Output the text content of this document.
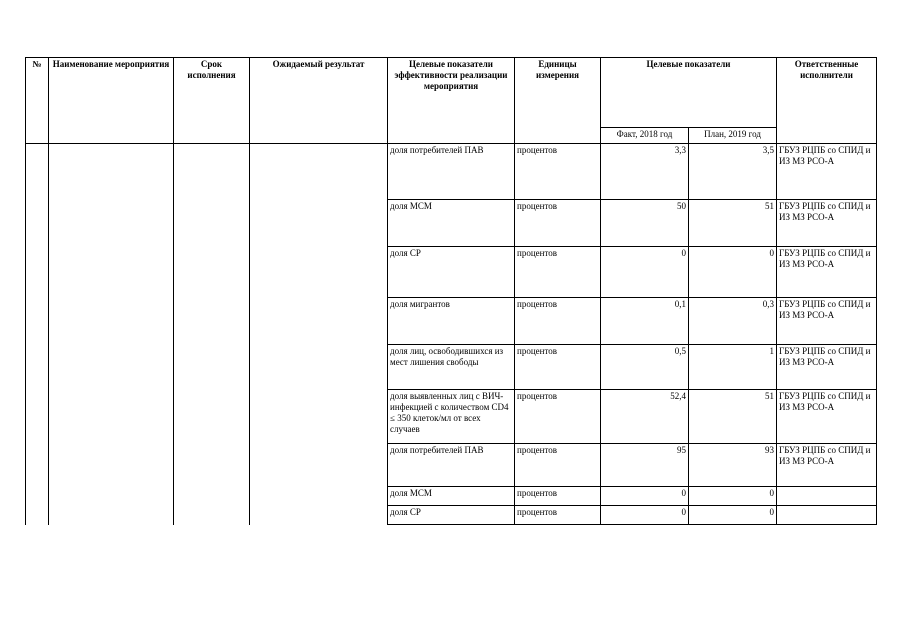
№	Наименование мероприятия	Срок исполнения	Ожидаемый результат	Целевые показатели эффективности реализации мероприятия	Единицы измерения	Целевые показатели		Ответственные исполнители
						Факт, 2018 год	План, 2019 год	
				доля потребителей ПАВ	процентов	3,3	3,5	ГБУЗ РЦПБ со СПИД и ИЗ МЗ РСО-А
				доля МСМ	процентов	50	51	ГБУЗ РЦПБ со СПИД и ИЗ МЗ РСО-А
				доля СР	процентов	0	0	ГБУЗ РЦПБ со СПИД и ИЗ МЗ РСО-А
				доля мигрантов	процентов	0,1	0,3	ГБУЗ РЦПБ со СПИД и ИЗ МЗ РСО-А
				доля лиц, освободившихся из мест лишения свободы	процентов	0,5	1	ГБУЗ РЦПБ со СПИД и ИЗ МЗ РСО-А
				доля выявленных лиц с ВИЧ-инфекцией с количеством CD4 ≤ 350 клеток/мл от всех случаев	процентов	52,4	51	ГБУЗ РЦПБ со СПИД и ИЗ МЗ РСО-А
				доля потребителей ПАВ	процентов	95	93	ГБУЗ РЦПБ со СПИД и ИЗ МЗ РСО-А
				доля МСМ	процентов	0	0	
				доля СР	процентов	0	0	
